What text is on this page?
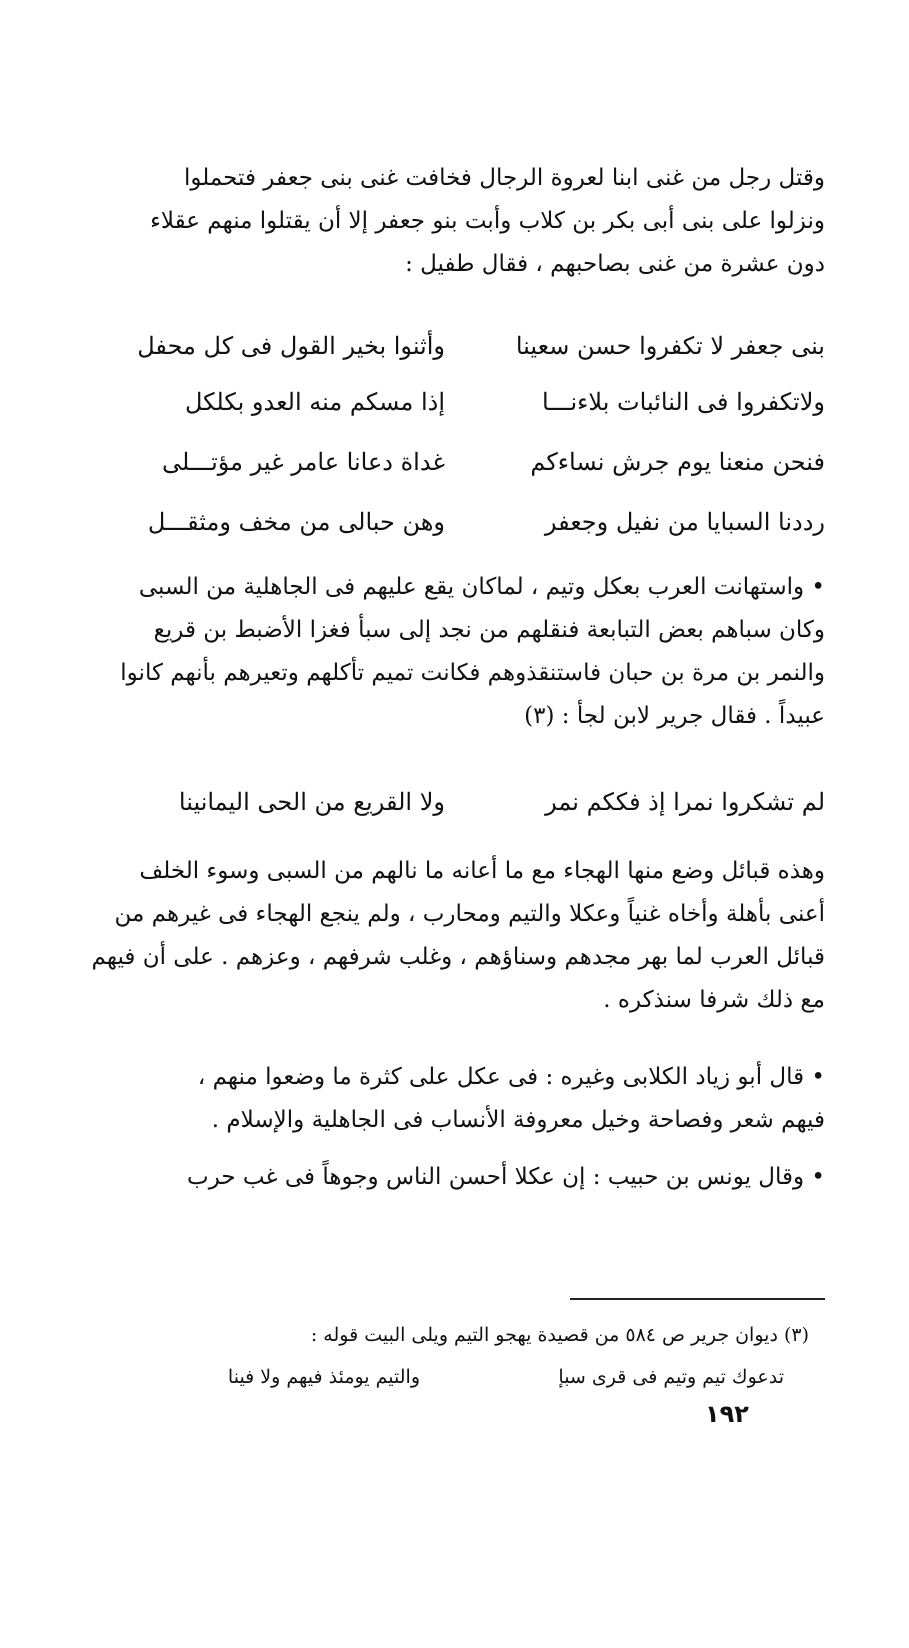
وقتل رجل من غنى ابنا لعروة الرجال فخافت غنى بنى جعفر فتحملوا
ونزلوا على بنى أبى بكر بن كلاب وأبت بنو جعفر إلا أن يقتلوا منهم عقلاء
دون عشرة من غنى بصاحبهم ، فقال طفيل :
بنى جعفر لا تكفروا حسن سعينا
وأثنوا بخير القول فى كل محفل
ولاتكفروا فى النائبات بلاءنـــا
إذا مسكم منه العدو بكلكل
فنحن منعنا يوم جرش نساءكم
غداة دعانا عامر غير مؤتـــلى
رددنا السبايا من نفيل وجعفر
وهن حبالى من مخف ومثقـــل
• واستهانت العرب بعكل وتيم ، لماكان يقع عليهم فى الجاهلية من السبى
وكان سباهم بعض التبابعة فنقلهم من نجد إلى سبأ فغزا الأضبط بن قريع
والنمر بن مرة بن حبان فاستنقذوهم فكانت تميم تأكلهم وتعيرهم بأنهم كانوا
عبيداً . فقال جرير لابن لجأ : (٣)
لم تشكروا نمرا إذ فككم نمر
ولا القريع من الحى اليمانينا
وهذه قبائل وضع منها الهجاء مع ما أعانه ما نالهم من السبى وسوء الخلف
أعنى بأهلة وأخاه غنياً وعكلا والتيم ومحارب ، ولم ينجع الهجاء فى غيرهم من
قبائل العرب لما بهر مجدهم وسناؤهم ، وغلب شرفهم ، وعزهم . على أن فيهم
مع ذلك شرفا سنذكره .
• قال أبو زياد الكلابى وغيره : فى عكل على كثرة ما وضعوا منهم ،
فيهم شعر وفصاحة وخيل معروفة الأنساب فى الجاهلية والإسلام .
• وقال يونس بن حبيب : إن عكلا أحسن الناس وجوهاً فى غب حرب
(٣) ديوان جرير ص ٥٨٤ من قصيدة يهجو التيم ويلى البيت قوله :
تدعوك تيم وتيم فى قرى سبإ
والتيم يومئذ فيهم ولا فينا
١٩٢
